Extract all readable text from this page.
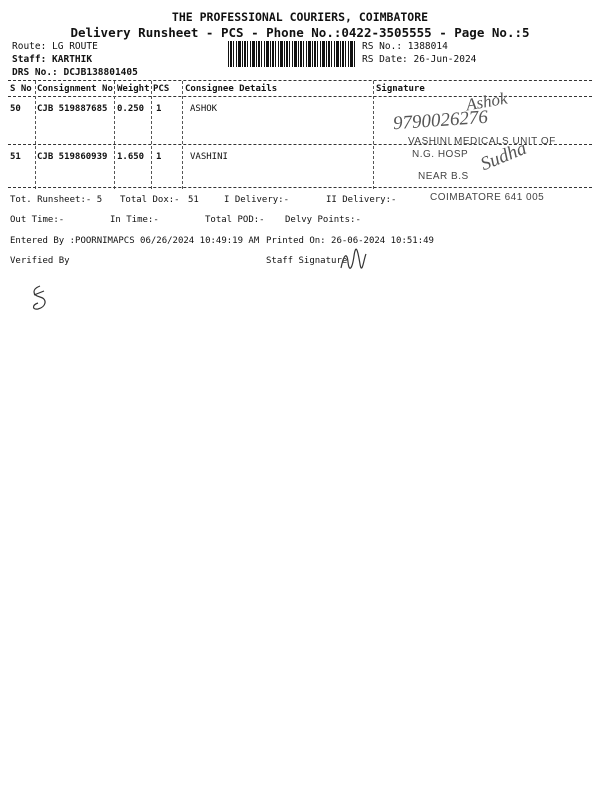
THE PROFESSIONAL COURIERS, COIMBATORE
Delivery Runsheet - PCS - Phone No.:0422-3505555 - Page No.:5
Route: LG ROUTE
Staff: KARTHIK
DRS No.: DCJB138801405
RS No.: 1388014
RS Date: 26-Jun-2024
S No Consignment No Weight PCS Consignee Details	Signature
50 CJB 519887685 0.250 1	ASHOK
51 CJB 519860939 1.650 1	VASHINI
Ashok
9790026276
VASHINI MEDICALS UNIT OF
N.G. HOSP
NEAR B.S
COIMBATORE 641 005
Sudha
Tot. Runsheet:- 5 Total Dox:- 51	I Delivery:-	II Delivery:-
Out Time:-	In Time:-	Total POD:- Delvy Points:-
Entered By :POORNIMAPCS 06/26/2024 10:49:19 AM Printed On: 26-06-2024 10:51:49
Verified By	Staff Signature
